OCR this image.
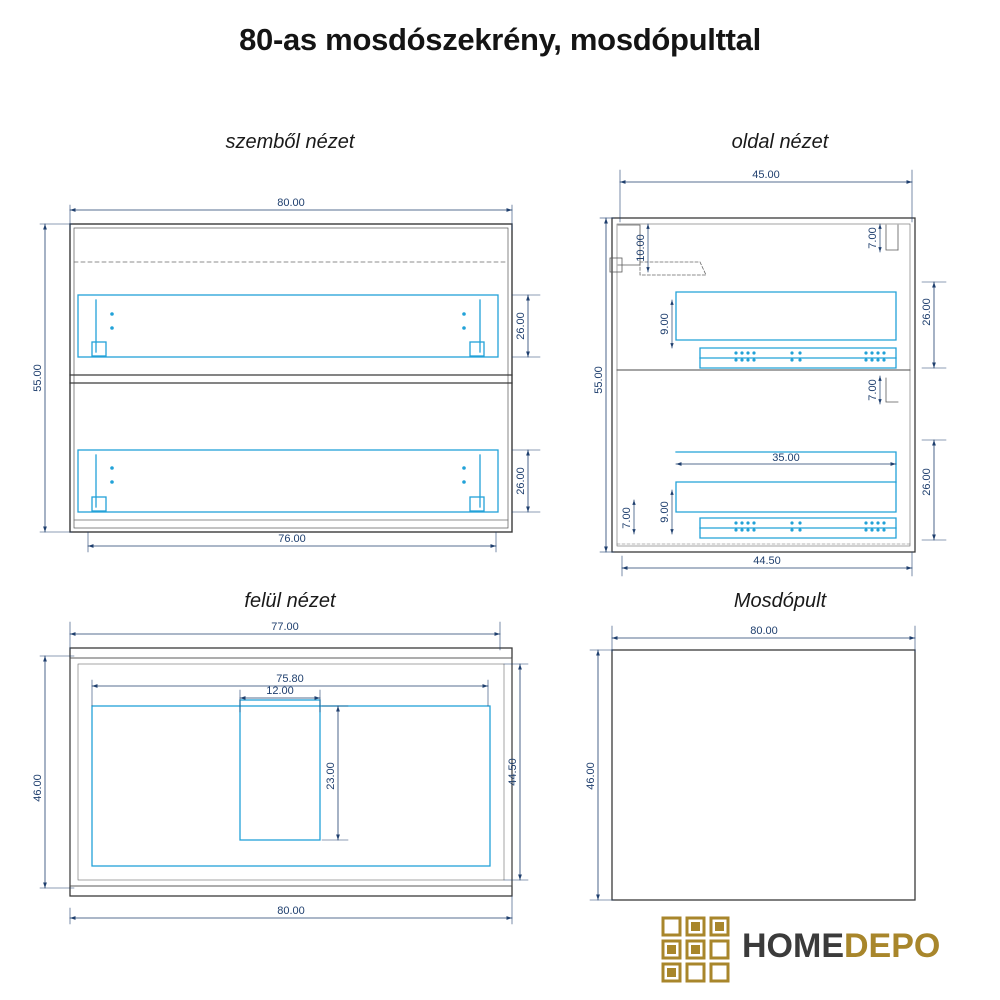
80-as mosdószekrény, mosdópulttal
szemből nézet	oldal nézet
felül nézet	Mosdópult
80.00
76.00
55.00
26.00
26.00
45.00
44.50
55.00
10.00	7.00
26.00
26.00
9.00
7.00
35.00
9.00
7.00
77.00
75.80
12.00
46.00
44.50
23.00
80.00
80.00
46.00
HOMEDEPO
